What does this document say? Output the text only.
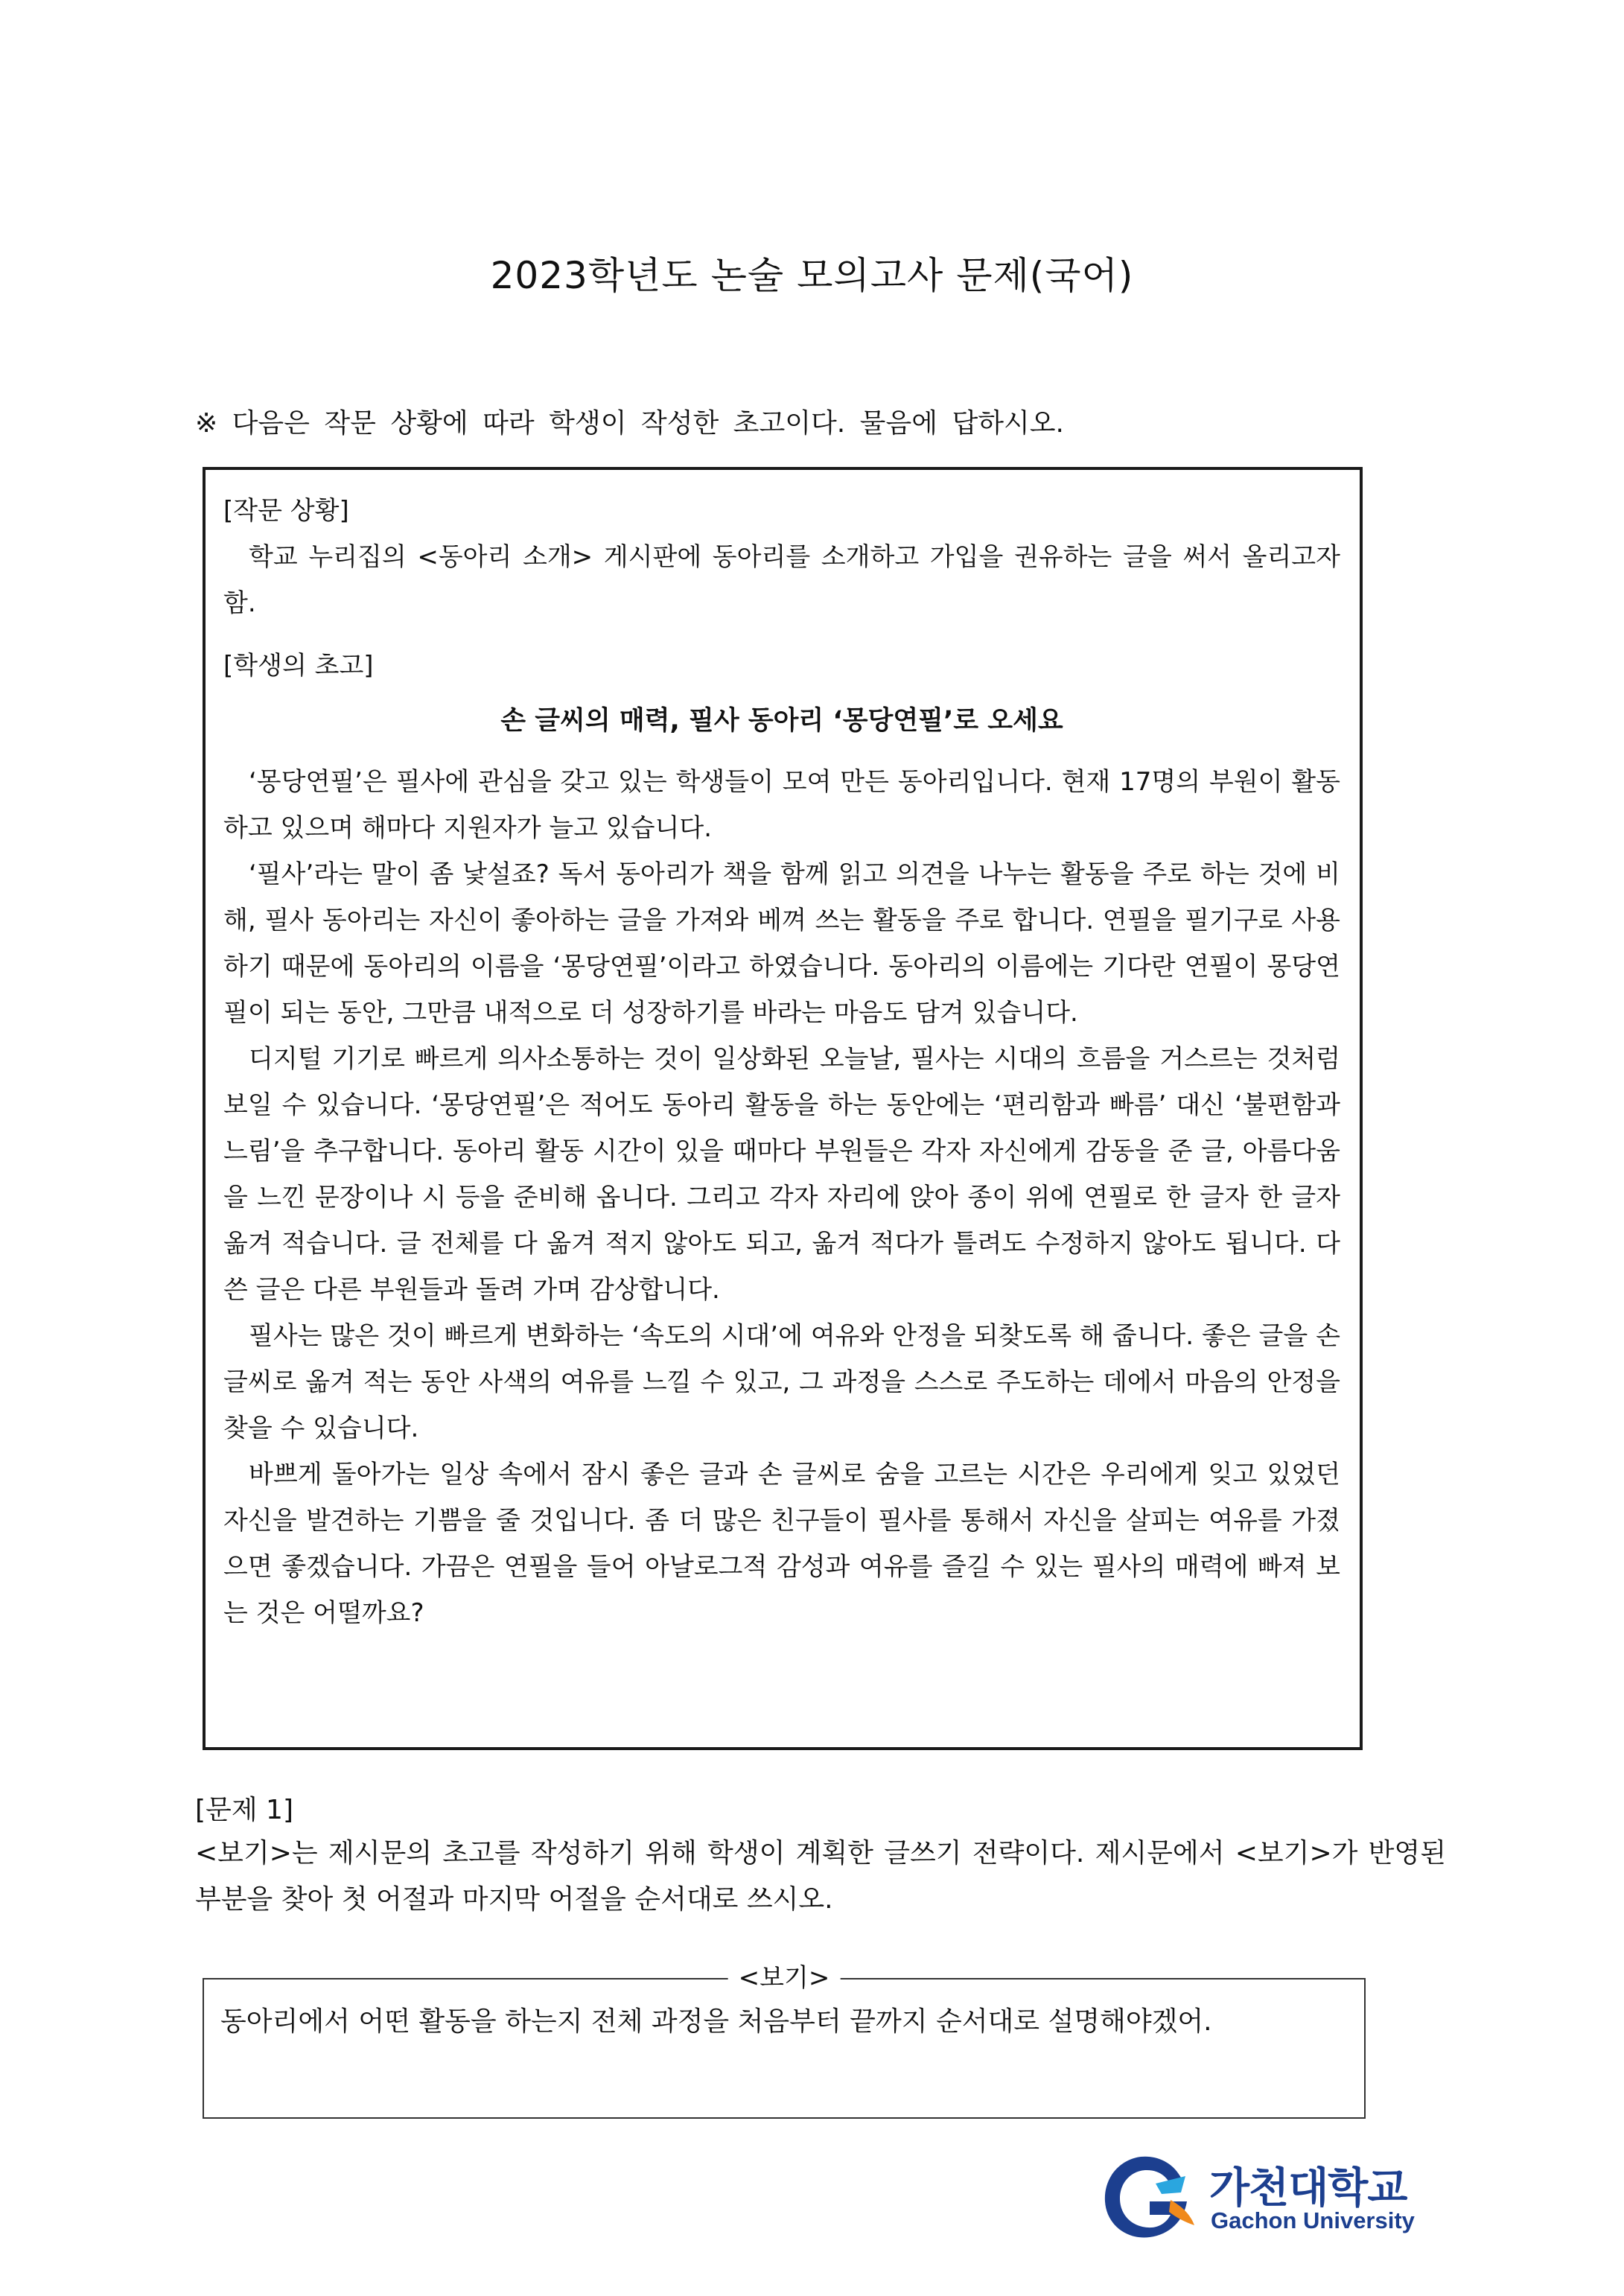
2023학년도 논술 모의고사 문제(국어)
※ 다음은 작문 상황에 따라 학생이 작성한 초고이다. 물음에 답하시오.

[작문 상황]

학교 누리집의 <동아리 소개> 게시판에 동아리를 소개하고 가입을 권유하는 글을 써서 올리고자 함.

[학생의 초고]

손 글씨의 매력, 필사 동아리 ‘몽당연필’로 오세요

‘몽당연필’은 필사에 관심을 갖고 있는 학생들이 모여 만든 동아리입니다. 현재 17명의 부원이 활동하고 있으며 해마다 지원자가 늘고 있습니다.

‘필사’라는 말이 좀 낯설죠? 독서 동아리가 책을 함께 읽고 의견을 나누는 활동을 주로 하는 것에 비해, 필사 동아리는 자신이 좋아하는 글을 가져와 베껴 쓰는 활동을 주로 합니다. 연필을 필기구로 사용하기 때문에 동아리의 이름을 ‘몽당연필’이라고 하였습니다. 동아리의 이름에는 기다란 연필이 몽당연필이 되는 동안, 그만큼 내적으로 더 성장하기를 바라는 마음도 담겨 있습니다.

디지털 기기로 빠르게 의사소통하는 것이 일상화된 오늘날, 필사는 시대의 흐름을 거스르는 것처럼 보일 수 있습니다. ‘몽당연필’은 적어도 동아리 활동을 하는 동안에는 ‘편리함과 빠름’ 대신 ‘불편함과 느림’을 추구합니다. 동아리 활동 시간이 있을 때마다 부원들은 각자 자신에게 감동을 준 글, 아름다움을 느낀 문장이나 시 등을 준비해 옵니다. 그리고 각자 자리에 앉아 종이 위에 연필로 한 글자 한 글자 옮겨 적습니다. 글 전체를 다 옮겨 적지 않아도 되고, 옮겨 적다가 틀려도 수정하지 않아도 됩니다. 다 쓴 글은 다른 부원들과 돌려 가며 감상합니다.

필사는 많은 것이 빠르게 변화하는 ‘속도의 시대’에 여유와 안정을 되찾도록 해 줍니다. 좋은 글을 손 글씨로 옮겨 적는 동안 사색의 여유를 느낄 수 있고, 그 과정을 스스로 주도하는 데에서 마음의 안정을 찾을 수 있습니다.

바쁘게 돌아가는 일상 속에서 잠시 좋은 글과 손 글씨로 숨을 고르는 시간은 우리에게 잊고 있었던 자신을 발견하는 기쁨을 줄 것입니다. 좀 더 많은 친구들이 필사를 통해서 자신을 살피는 여유를 가졌으면 좋겠습니다. 가끔은 연필을 들어 아날로그적 감성과 여유를 즐길 수 있는 필사의 매력에 빠져 보는 것은 어떨까요?

[문제 1]
<보기>는 제시문의 초고를 작성하기 위해 학생이 계획한 글쓰기 전략이다. 제시문에서 <보기>가 반영된 부분을 찾아 첫 어절과 마지막 어절을 순서대로 쓰시오.
<보기>
동아리에서 어떤 활동을 하는지 전체 과정을 처음부터 끝까지 순서대로 설명해야겠어.
가천대학교
Gachon University
